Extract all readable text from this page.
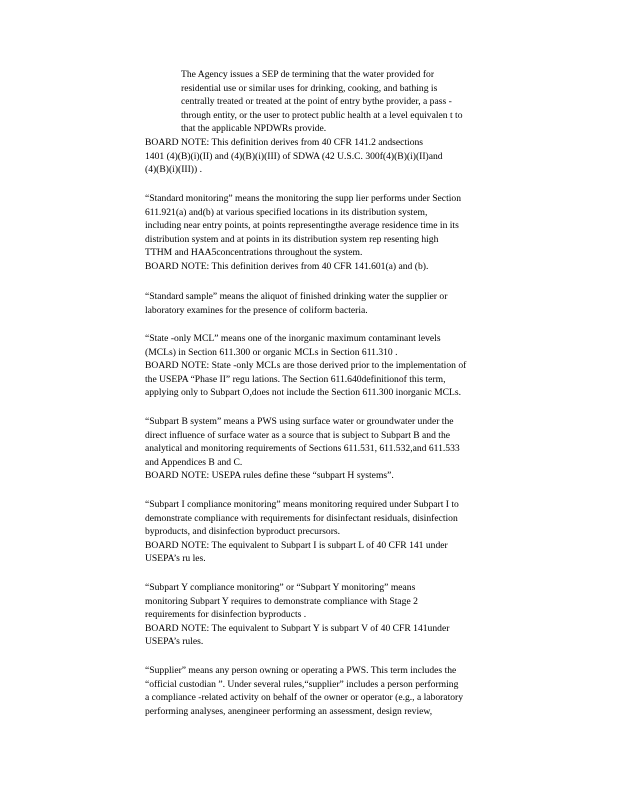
The Agency issues a SEP de termining that the water provided for
residential use or similar uses for drinking, cooking, and bathing is
centrally treated or treated at the point of entry bythe provider, a pass -
through entity, or the user to protect public health at a level equivalen t to
that the applicable NPDWRs provide.
BOARD NOTE: This definition derives from 40 CFR 141.2 andsections
1401 (4)(B)(i)(II) and (4)(B)(i)(III) of SDWA (42 U.S.C. 300f(4)(B)(i)(II)and
(4)(B)(i)(III)) .
“Standard monitoring” means the monitoring the supp lier performs under Section
611.921(a) and(b) at various specified locations in its distribution system,
including near entry points, at points representingthe average residence time in its
distribution system and at points in its distribution system rep resenting high
TTHM and HAA5concentrations throughout the system.
BOARD NOTE: This definition derives from 40 CFR 141.601(a) and (b).
“Standard sample” means the aliquot of finished drinking water the supplier or
laboratory examines for the presence of coliform bacteria.
“State -only MCL” means one of the inorganic maximum contaminant levels
(MCLs) in Section 611.300 or organic MCLs in Section 611.310 .
BOARD NOTE: State -only MCLs are those derived prior to the implementation of
the USEPA “Phase II” regu lations. The Section 611.640definitionof this term,
applying only to Subpart O,does not include the Section 611.300 inorganic MCLs.
“Subpart B system” means a PWS using surface water or groundwater under the
direct influence of surface water as a source that is subject to Subpart B and the
analytical and monitoring requirements of Sections 611.531, 611.532,and 611.533
and Appendices B and C.
BOARD NOTE: USEPA rules define these “subpart H systems”.
“Subpart I compliance monitoring” means monitoring required under Subpart I to
demonstrate compliance with requirements for disinfectant residuals, disinfection
byproducts, and disinfection byproduct precursors.
BOARD NOTE: The equivalent to Subpart I is subpart L of 40 CFR 141 under
USEPA’s ru les.
“Subpart Y compliance monitoring” or “Subpart Y monitoring” means
monitoring Subpart Y requires to demonstrate compliance with Stage 2
requirements for disinfection byproducts .
BOARD NOTE: The equivalent to Subpart Y is subpart V of 40 CFR 141under
USEPA’s rules.
“Supplier” means any person owning or operating a PWS. This term includes the
“official custodian ”. Under several rules,“supplier” includes a person performing
a compliance -related activity on behalf of the owner or operator (e.g., a laboratory
performing analyses, anengineer performing an assessment, design review,
